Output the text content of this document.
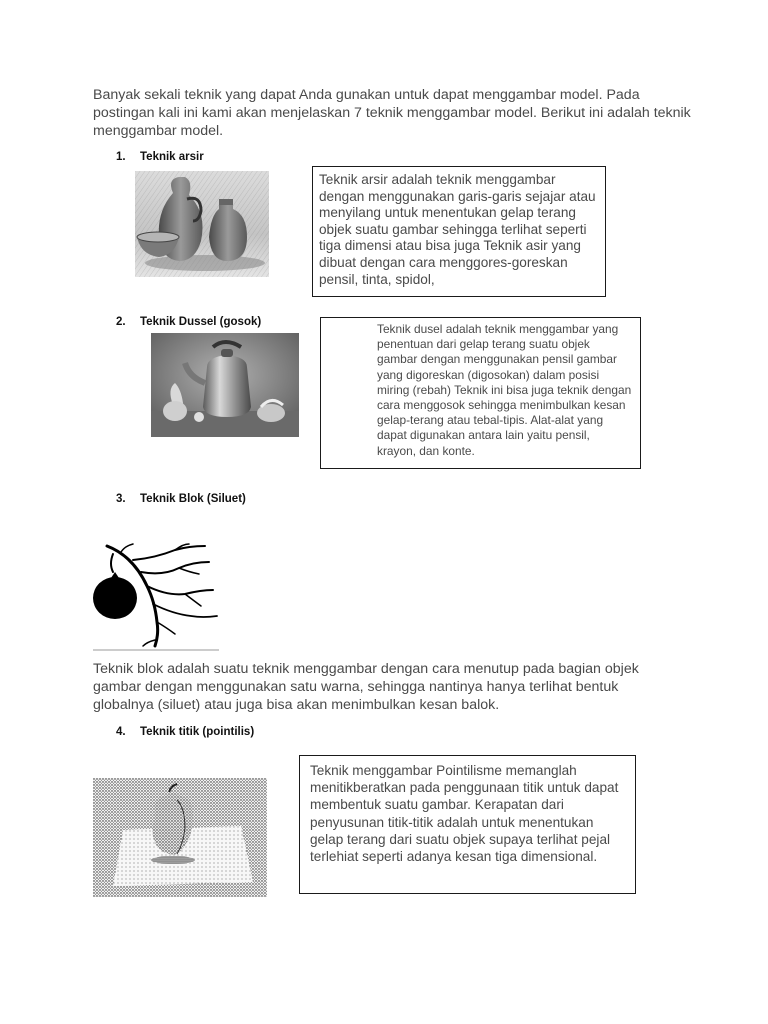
Banyak sekali teknik yang dapat Anda gunakan untuk dapat menggambar model. Pada postingan kali ini kami akan menjelaskan 7 teknik menggambar model. Berikut ini adalah teknik menggambar model.

1. Teknik arsir

Teknik arsir adalah teknik menggambar dengan menggunakan garis-garis sejajar atau menyilang untuk menentukan gelap terang objek suatu gambar sehingga terlihat seperti tiga dimensi atau bisa juga Teknik asir yang dibuat dengan cara menggores-goreskan pensil, tinta, spidol,

2. Teknik Dussel (gosok)	Teknik dusel adalah teknik menggambar yang penentuan dari gelap terang suatu objek gambar dengan menggunakan pensil gambar yang digoreskan (digosokan) dalam posisi miring (rebah) Teknik ini bisa juga teknik dengan cara menggosok sehingga menimbulkan kesan gelap-terang atau tebal-tipis. Alat-alat yang dapat digunakan antara lain yaitu pensil, krayon, dan konte.

3. Teknik Blok (Siluet)

Teknik blok adalah suatu teknik menggambar dengan cara menutup pada bagian objek gambar dengan menggunakan satu warna, sehingga nantinya hanya terlihat bentuk globalnya (siluet) atau juga bisa akan menimbulkan kesan balok.

4. Teknik titik (pointilis)

Teknik menggambar Pointilisme memanglah menitikberatkan pada penggunaan titik untuk dapat membentuk suatu gambar. Kerapatan dari penyusunan titik-titik adalah untuk menentukan gelap terang dari suatu objek supaya terlihat pejal terlehiat seperti adanya kesan tiga dimensional.
